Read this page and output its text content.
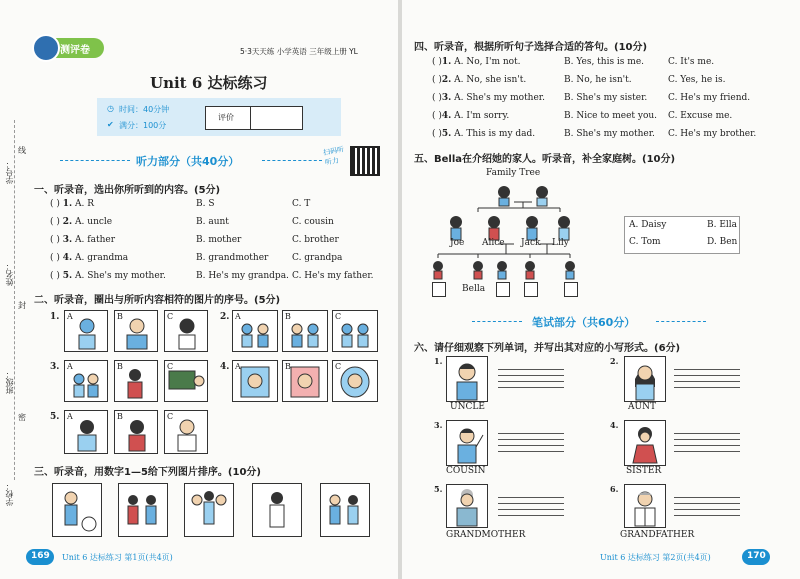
学号：
线
姓名：
封
班级：
密
学校：
测评卷	5·3天天练 小学英语 三年级上册 YL
Unit 6 达标练习
◷ 时间：40分钟
✔ 满分：100分
评价
听力部分（共40分）
扫码听听力
一、听录音，选出你所听到的内容。(5分)
( ) 1. A. R	B. S	C. T
( ) 2. A. uncle	B. aunt	C. cousin
( ) 3. A. father	B. mother	C. brother
( ) 4. A. grandma	B. grandmother	C. grandpa
( ) 5. A. She's my mother.	B. He's my grandpa. C. He's my father.
二、听录音，圈出与所听内容相符的图片的序号。(5分)
1. A	B	C	2. A	B	C
3. A	B	C	4. A	B	C
5. A	B	C
三、听录音，用数字1—5给下列图片排序。(10分)
169 Unit 6 达标练习 第1页(共4页)
四、听录音，根据所听句子选择合适的答句。(10分)
( )1. A. No, I'm not.	B. Yes, this is me.	C. It's me.
( )2. A. No, she isn't.	B. No, he isn't.	C. Yes, he is.
( )3. A. She's my mother. B. She's my sister. C. He's my friend.
( )4. A. I'm sorry.	B. Nice to meet you. C. Excuse me.
( )5. A. This is my dad.	B. She's my mother. C. He's my brother.
五、Bella在介绍她的家人。听录音，补全家庭树。(10分)
Family Tree
Joe Alice Jack Lily
Bella
A. Daisy	B. Ella
C. Tom	D. Ben
笔试部分（共60分）
六、请仔细观察下列单词，并写出其对应的小写形式。(6分)
1.
UNCLE
2.
AUNT
3.
COUSIN
4.
SISTER
5.
GRANDMOTHER
6.
GRANDFATHER
Unit 6 达标练习 第2页(共4页)	170
